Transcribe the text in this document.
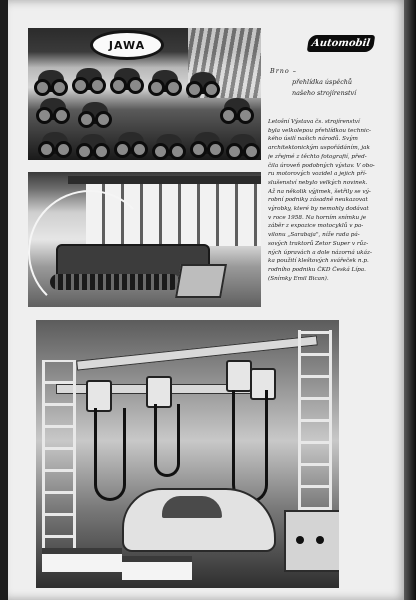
JAWA	Automobil
Brno –
přehlídka úspěchů
našeho strojírenství
Letošní Výstava čs. strojírenství
byla velkolepou přehlídkou technic-
kého úsilí našich národů. Svým
architektonickým uspořádáním, jak
je zřejmé z těchto fotografií, před-
čila úroveň podobných výstav. V obo-
ru motorových vozidel a jejich pří-
slušenství nebylo velkých novinek.
Až na několik výjimek, šetřily se vý-
robní podniky zásadně neukazovat
výrobky, které by nemohly dodávat
v roce 1958. Na horním snímku je
záběr z expozice motocyklů v pa-
vilonu „Sarabaja", níže rada pá-
sových traktorů Zetor Super v růz-
ných úpravách a dole názorná ukáz-
ka použití kleštových svářeček n.p.
rodního podniku ČKD Česká Lípa.
(Snímky Emil Bican).
